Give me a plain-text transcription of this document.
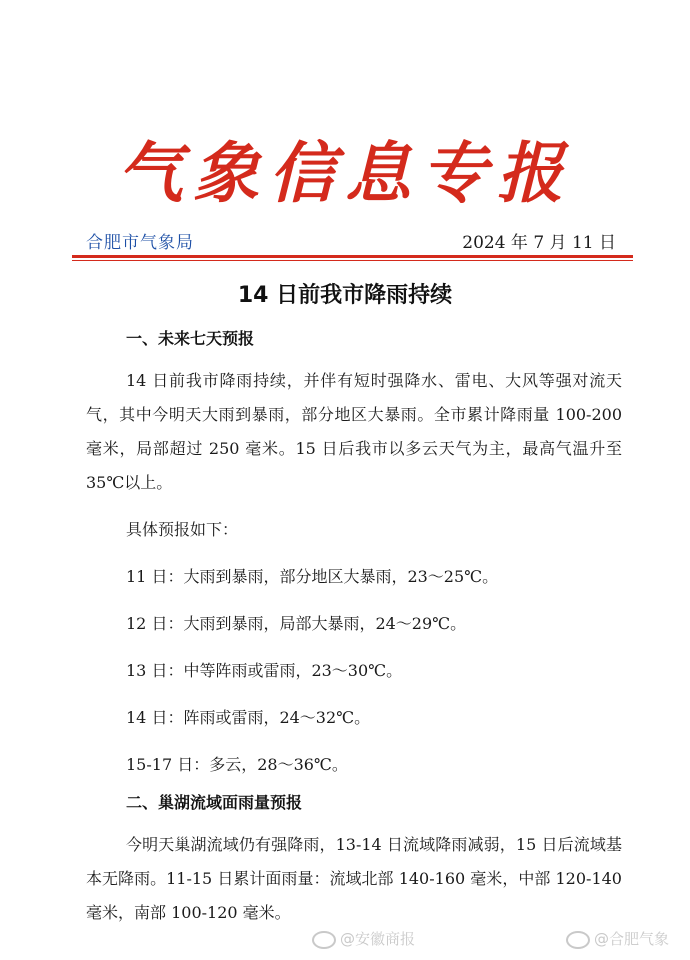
气象信息专报
合肥市气象局	2024 年 7 月 11 日
14 日前我市降雨持续
一、未来七天预报

14 日前我市降雨持续，并伴有短时强降水、雷电、大风等强对流天气，其中今明天大雨到暴雨，部分地区大暴雨。全市累计降雨量 100-200 毫米，局部超过 250 毫米。15 日后我市以多云天气为主，最高气温升至 35℃以上。

具体预报如下：
11 日：大雨到暴雨，部分地区大暴雨，23～25℃。
12 日：大雨到暴雨，局部大暴雨，24～29℃。
13 日：中等阵雨或雷雨，23～30℃。
14 日：阵雨或雷雨，24～32℃。
15-17 日：多云，28～36℃。
二、巢湖流域面雨量预报

今明天巢湖流域仍有强降雨，13-14 日流域降雨减弱，15 日后流域基本无降雨。11-15 日累计面雨量：流域北部 140-160 毫米，中部 120-140 毫米，南部 100-120 毫米。

@安徽商报	@合肥气象
